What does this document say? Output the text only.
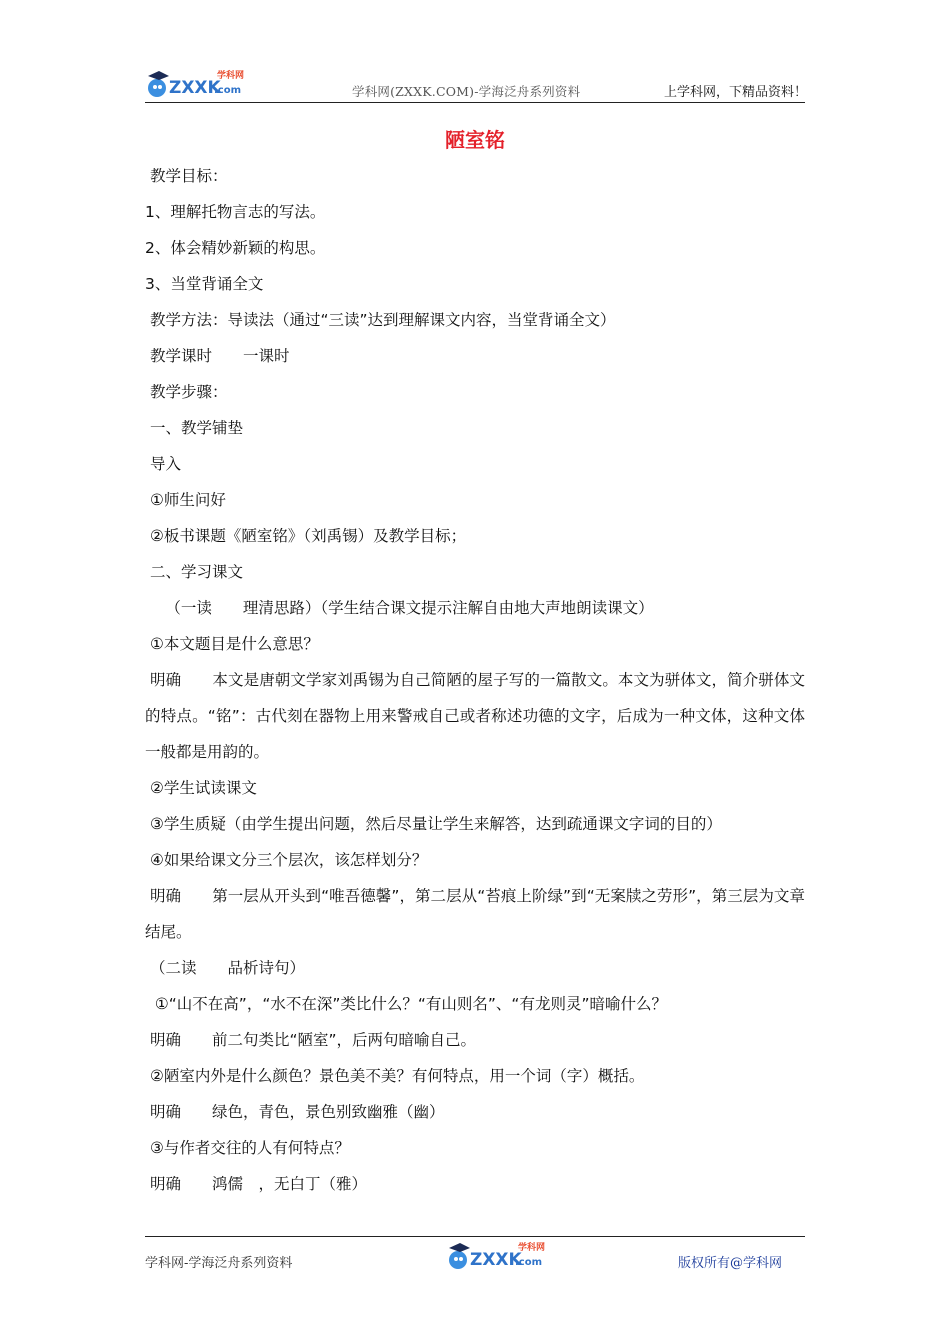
ZXXK
.com
学科网
学科网(ZXXK.COM)-学海泛舟系列资料	上学科网，下精品资料！
陋室铭

教学目标：

1、理解托物言志的写法。

2、体会精妙新颖的构思。

3、当堂背诵全文

教学方法：导读法（通过“三读”达到理解课文内容，当堂背诵全文）

教学课时　　一课时

教学步骤：

一、教学铺垫

导入

①师生问好

②板书课题《陋室铭》（刘禹锡）及教学目标；

二、学习课文

　 （一读　　理清思路）（学生结合课文提示注解自由地大声地朗读课文）

①本文题目是什么意思？

明确　　本文是唐朝文学家刘禹锡为自己简陋的屋子写的一篇散文。本文为骈体文，简介骈体文的特点。“铭”：古代刻在器物上用来警戒自己或者称述功德的文字，后成为一种文体，这种文体一般都是用韵的。

②学生试读课文

③学生质疑（由学生提出问题，然后尽量让学生来解答，达到疏通课文字词的目的）

④如果给课文分三个层次，该怎样划分？

明确　　第一层从开头到“唯吾德馨”，第二层从“苔痕上阶绿”到“无案牍之劳形”，第三层为文章结尾。

（二读　　品析诗句）

①“山不在高”，“水不在深”类比什么？“有山则名”、“有龙则灵”暗喻什么？

明确　　前二句类比“陋室”，后两句暗喻自己。

②陋室内外是什么颜色？景色美不美？有何特点，用一个词（字）概括。

明确　　绿色，青色，景色别致幽雅（幽）

③与作者交往的人有何特点？

明确　　鸿儒　，无白丁（雅）

学科网-学海泛舟系列资料	ZXXK
.com
学科网
版权所有@学科网
